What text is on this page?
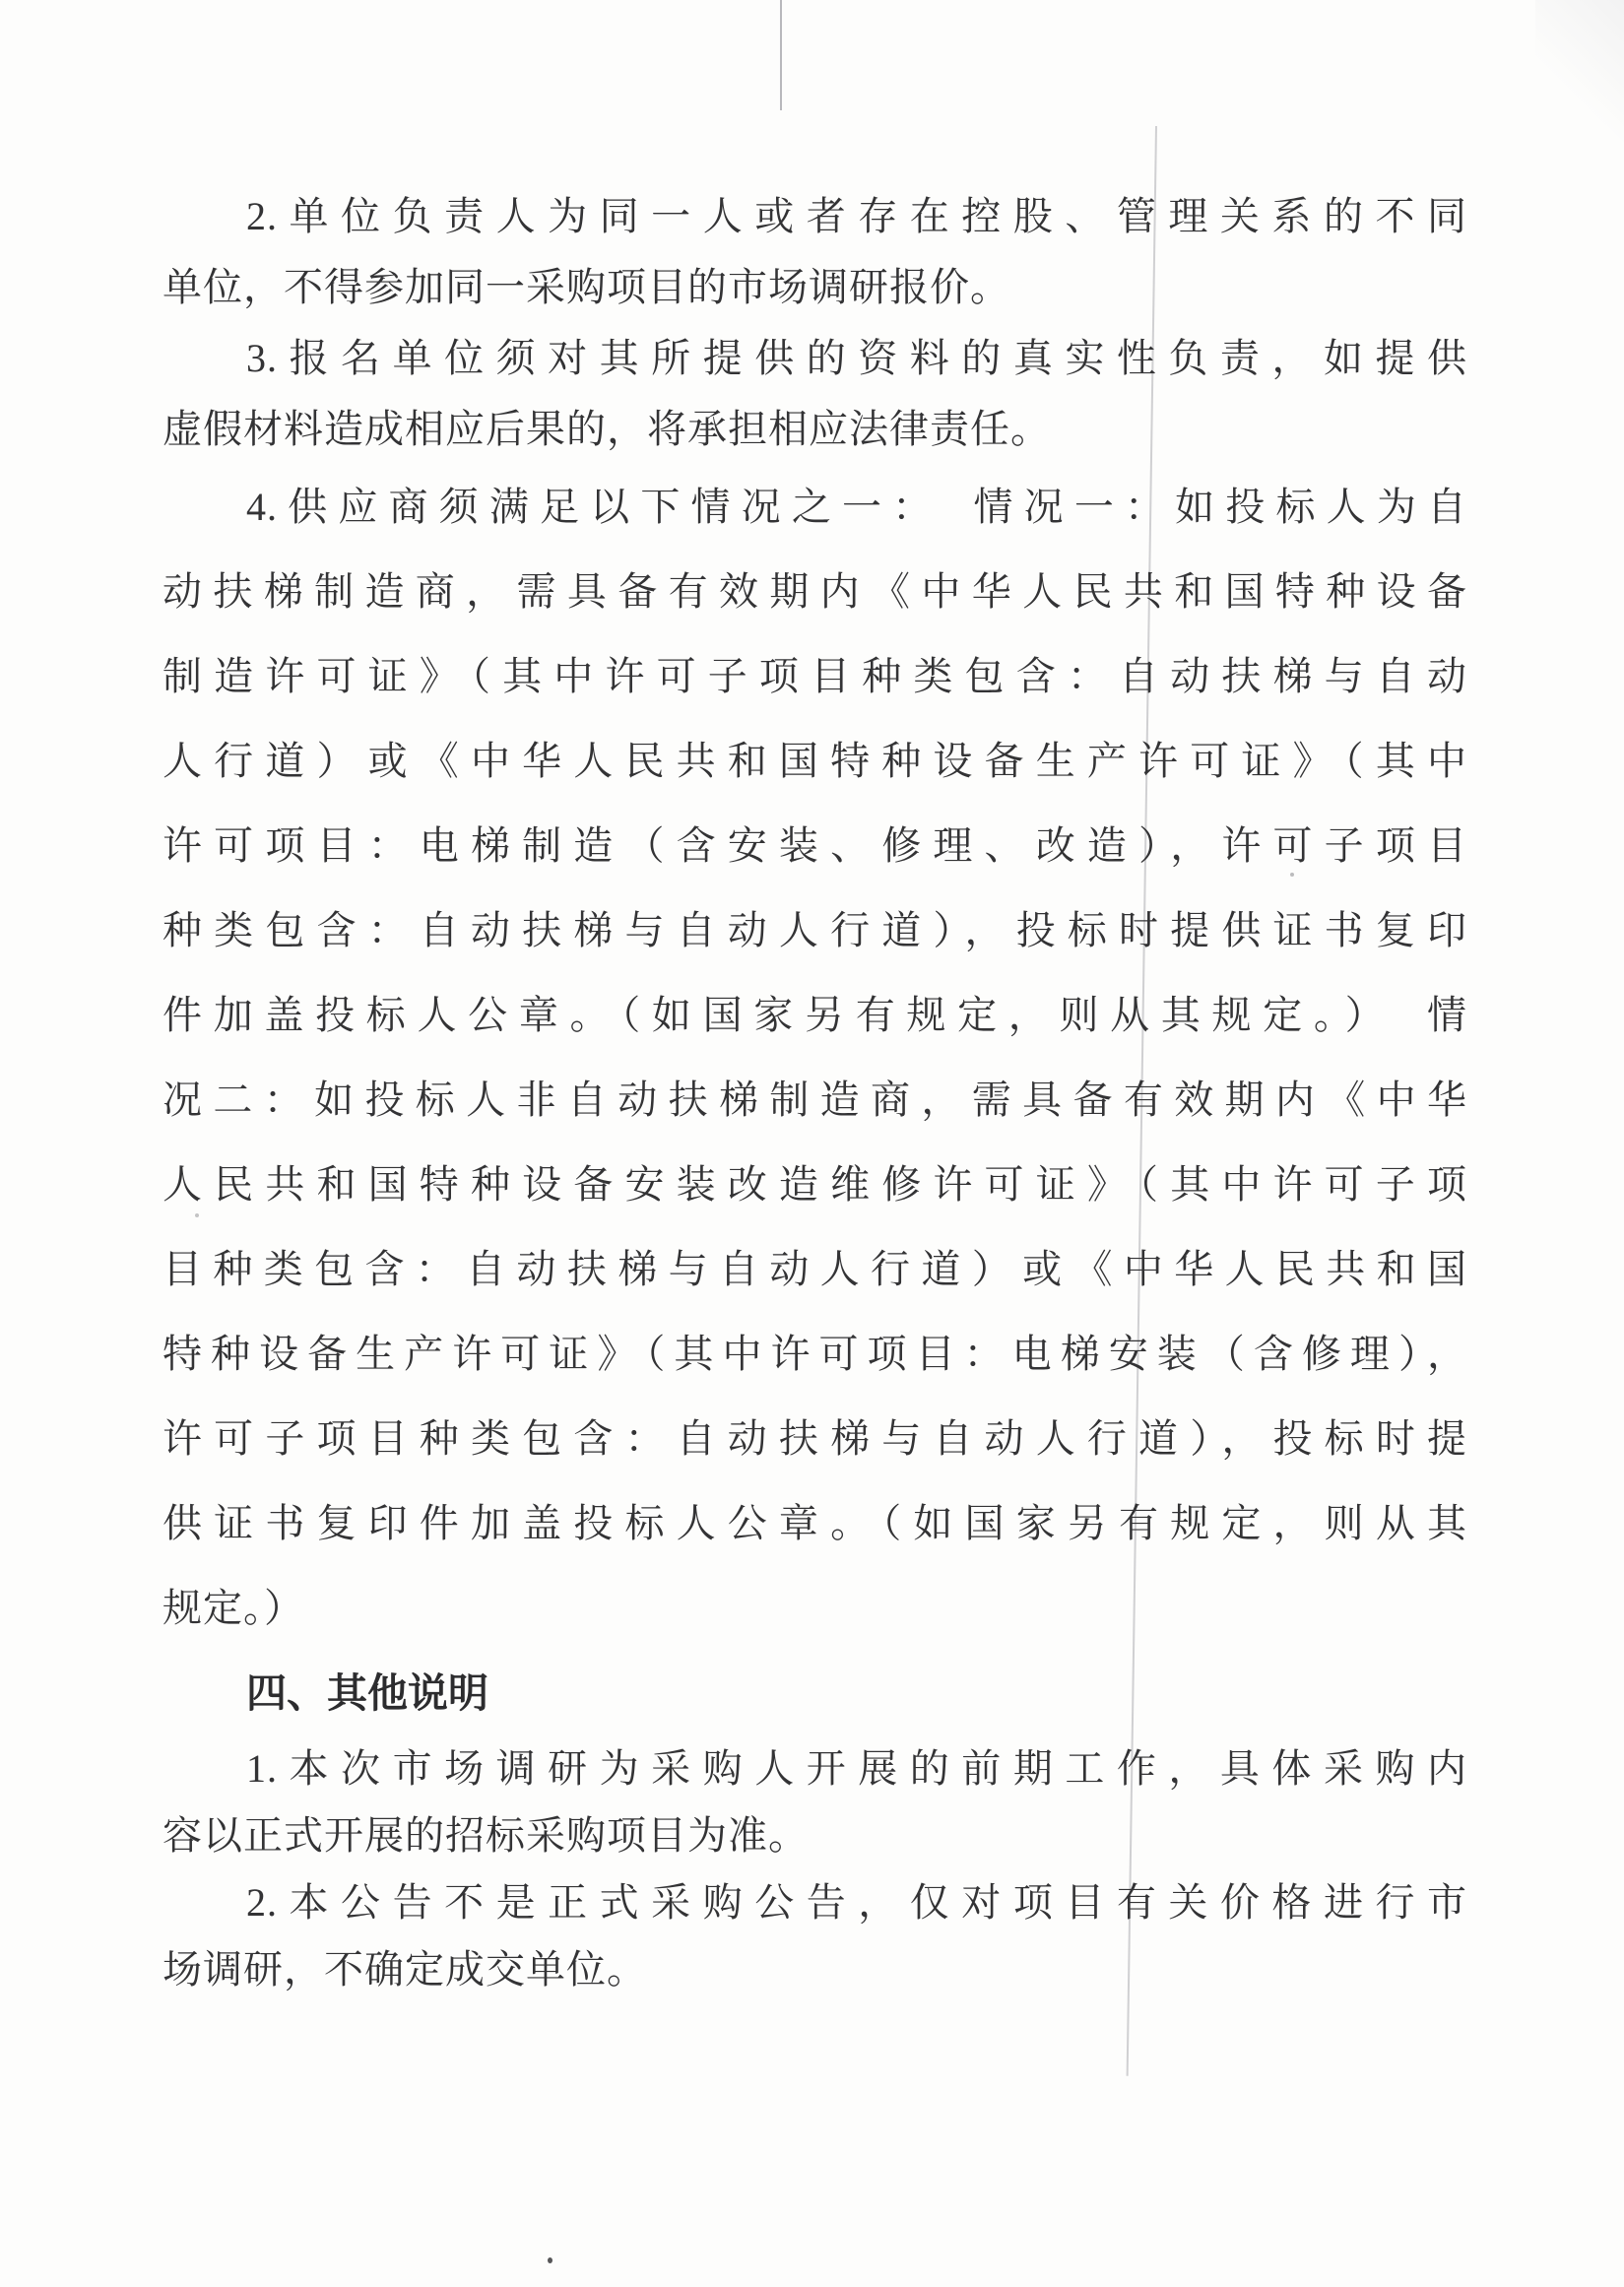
2.单位负责人为同一人或者存在控股、管理关系的不同
单位，不得参加同一采购项目的市场调研报价。
3.报名单位须对其所提供的资料的真实性负责，如提供
虚假材料造成相应后果的，将承担相应法律责任。
4.供应商须满足以下情况之一：　情况一：如投标人为自
动扶梯制造商，需具备有效期内《中华人民共和国特种设备
制造许可证》（其中许可子项目种类包含：自动扶梯与自动
人行道）或《中华人民共和国特种设备生产许可证》（其中
许可项目：电梯制造（含安装、修理、改造），许可子项目
种类包含：自动扶梯与自动人行道），投标时提供证书复印
件加盖投标人公章。（如国家另有规定，则从其规定。）　情
况二：如投标人非自动扶梯制造商，需具备有效期内《中华
人民共和国特种设备安装改造维修许可证》（其中许可子项
目种类包含：自动扶梯与自动人行道）或《中华人民共和国
特种设备生产许可证》（其中许可项目：电梯安装（含修理），
许可子项目种类包含：自动扶梯与自动人行道），投标时提
供证书复印件加盖投标人公章。（如国家另有规定，则从其
规定。）
四、其他说明
1.本次市场调研为采购人开展的前期工作，具体采购内
容以正式开展的招标采购项目为准。
2.本公告不是正式采购公告，仅对项目有关价格进行市
场调研，不确定成交单位。
